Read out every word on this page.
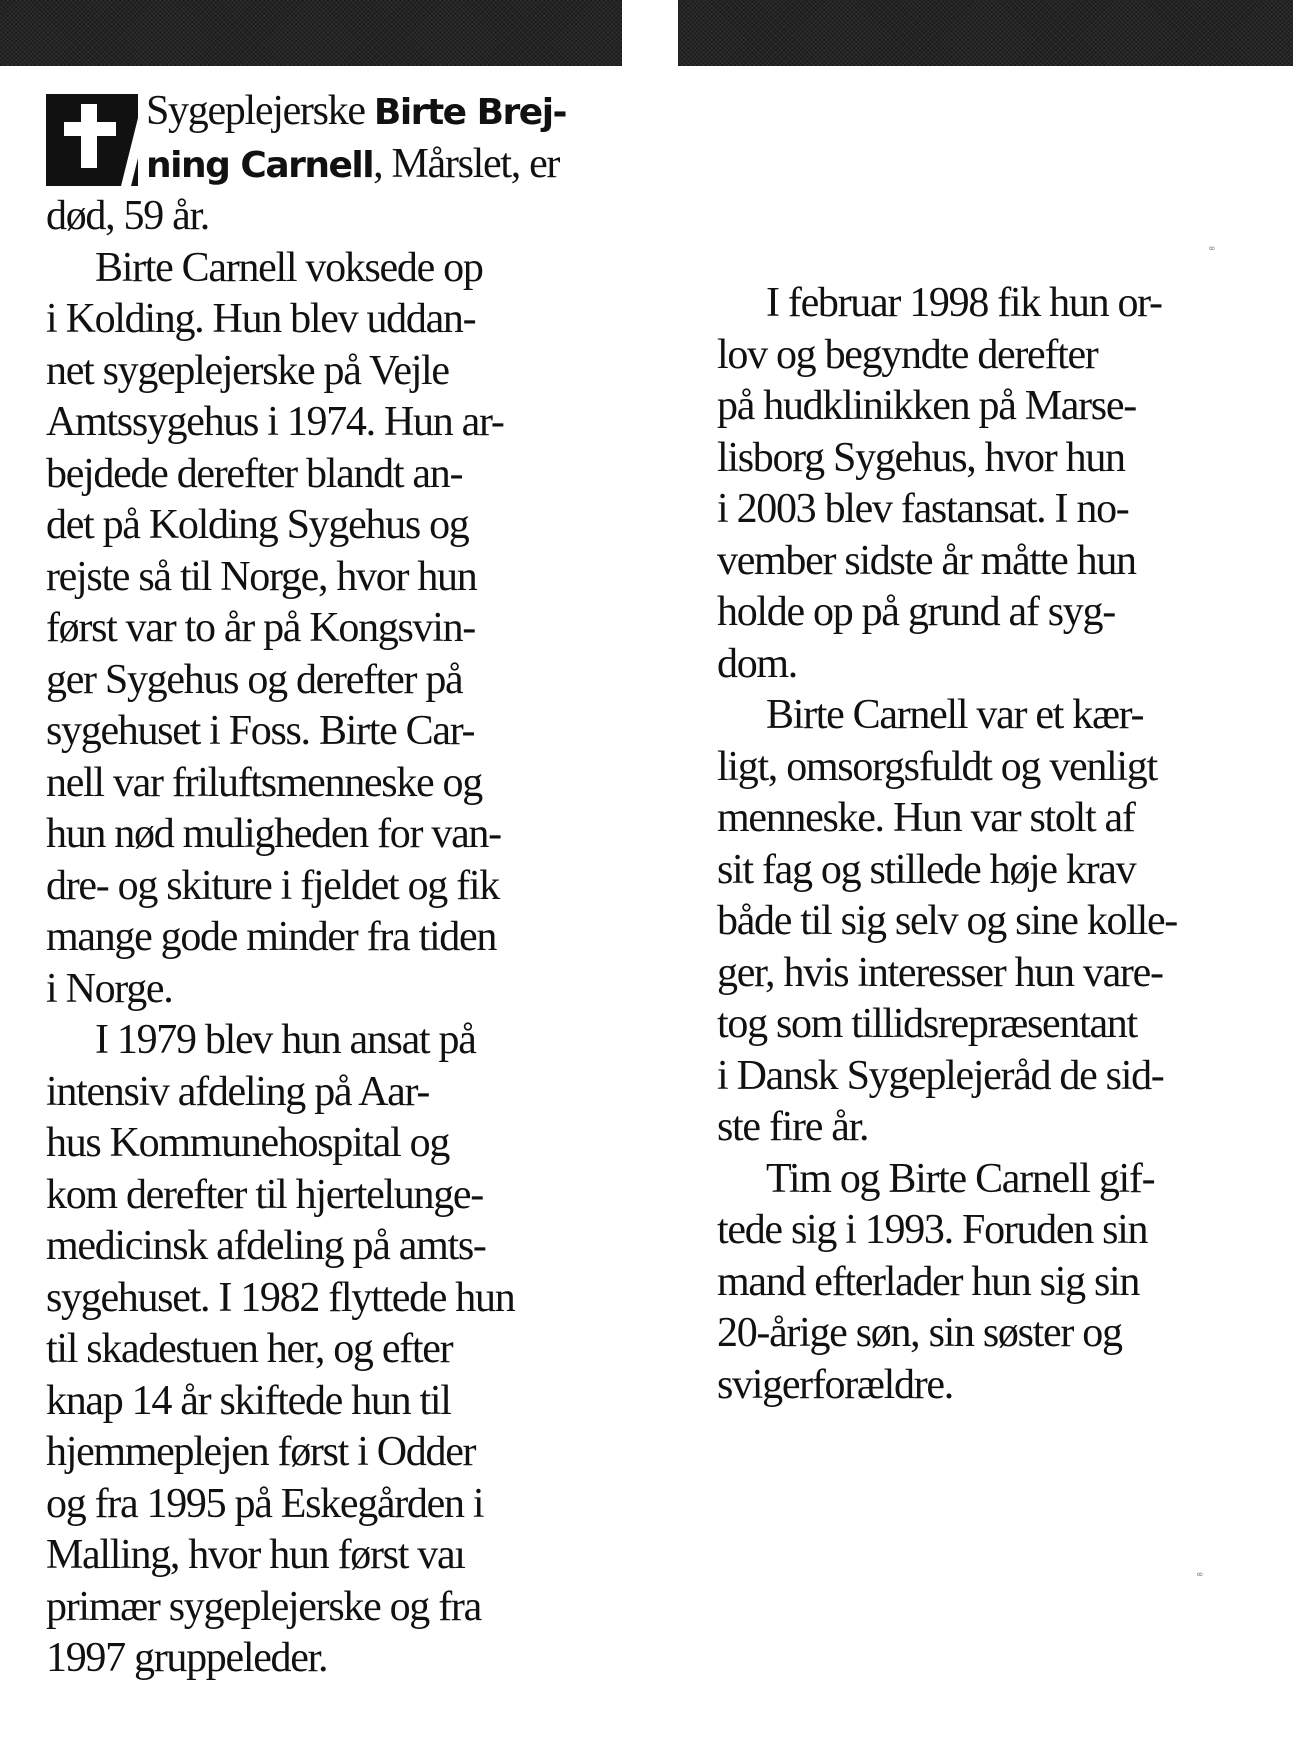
Sygeplejerske Birte Brej-
ning Carnell, Mårslet, er
død, 59 år.
Birte Carnell voksede op
i Kolding. Hun blev uddan-
net sygeplejerske på Vejle
Amtssygehus i 1974. Hun ar-
bejdede derefter blandt an-
det på Kolding Sygehus og
rejste så til Norge, hvor hun
først var to år på Kongsvin-
ger Sygehus og derefter på
sygehuset i Foss. Birte Car-
nell var friluftsmenneske og
hun nød muligheden for van-
dre- og skiture i fjeldet og fik
mange gode minder fra tiden
i Norge.
I 1979 blev hun ansat på
intensiv afdeling på Aar-
hus Kommunehospital og
kom derefter til hjertelunge-
medicinsk afdeling på amts-
sygehuset. I 1982 flyttede hun
til skadestuen her, og efter
knap 14 år skiftede hun til
hjemmeplejen først i Odder
og fra 1995 på Eskegården i
Malling, hvor hun først vaı
primær sygeplejerske og fra
1997 gruppeleder.
I februar 1998 fik hun or-
lov og begyndte derefter
på hudklinikken på Marse-
lisborg Sygehus, hvor hun
i 2003 blev fastansat. I no-
vember sidste år måtte hun
holde op på grund af syg-
dom.
Birte Carnell var et kær-
ligt, omsorgsfuldt og venligt
menneske. Hun var stolt af
sit fag og stillede høje krav
både til sig selv og sine kolle-
ger, hvis interesser hun vare-
tog som tillidsrepræsentant
i Dansk Sygeplejeråd de sid-
ste fire år.
Tim og Birte Carnell gif-
tede sig i 1993. Foruden sin
mand efterlader hun sig sin
20-årige søn, sin søster og
svigerforældre.
∞
∞
